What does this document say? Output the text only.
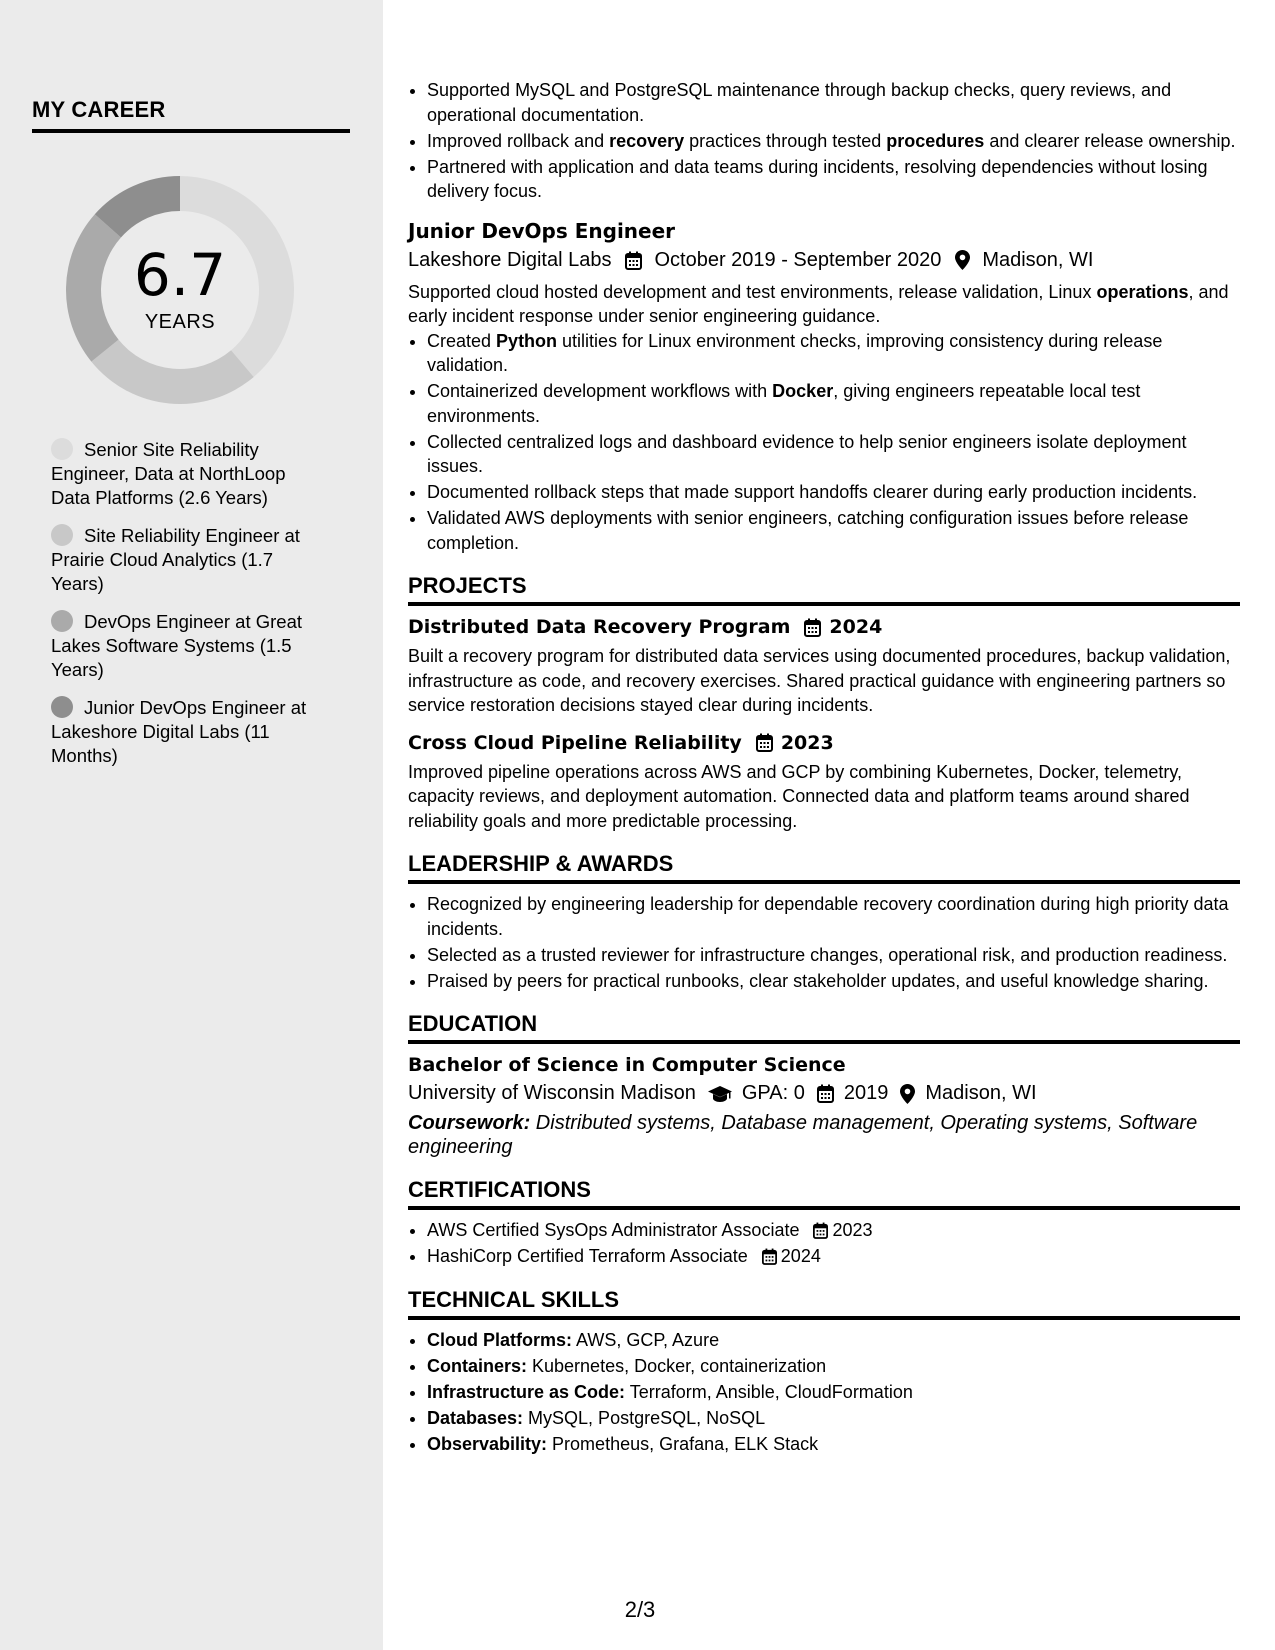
MY CAREER
6.7
YEARS
Senior Site Reliability Engineer, Data at NorthLoop Data Platforms (2.6 Years)
Site Reliability Engineer at Prairie Cloud Analytics (1.7 Years)
DevOps Engineer at Great Lakes Software Systems (1.5 Years)
Junior DevOps Engineer at Lakeshore Digital Labs (11 Months)
• Supported MySQL and PostgreSQL maintenance through backup checks, query reviews, and operational documentation.
• Improved rollback and recovery practices through tested procedures and clearer release ownership.
• Partnered with application and data teams during incidents, resolving dependencies without losing delivery focus.
Junior DevOps Engineer
Lakeshore Digital Labs October 2019 - September 2020 Madison, WI
Supported cloud hosted development and test environments, release validation, Linux operations, and early incident response under senior engineering guidance.
• Created Python utilities for Linux environment checks, improving consistency during release validation.
• Containerized development workflows with Docker, giving engineers repeatable local test environments.
• Collected centralized logs and dashboard evidence to help senior engineers isolate deployment issues.
• Documented rollback steps that made support handoffs clearer during early production incidents.
• Validated AWS deployments with senior engineers, catching configuration issues before release completion.
PROJECTS
Distributed Data Recovery Program 2024
Built a recovery program for distributed data services using documented procedures, backup validation, infrastructure as code, and recovery exercises. Shared practical guidance with engineering partners so service restoration decisions stayed clear during incidents.
Cross Cloud Pipeline Reliability 2023
Improved pipeline operations across AWS and GCP by combining Kubernetes, Docker, telemetry, capacity reviews, and deployment automation. Connected data and platform teams around shared reliability goals and more predictable processing.
LEADERSHIP & AWARDS
• Recognized by engineering leadership for dependable recovery coordination during high priority data incidents.
• Selected as a trusted reviewer for infrastructure changes, operational risk, and production readiness.
• Praised by peers for practical runbooks, clear stakeholder updates, and useful knowledge sharing.
EDUCATION
Bachelor of Science in Computer Science
University of Wisconsin Madison GPA: 0 2019 Madison, WI
Coursework: Distributed systems, Database management, Operating systems, Software engineering
CERTIFICATIONS
• AWS Certified SysOps Administrator Associate 2023
• HashiCorp Certified Terraform Associate 2024
TECHNICAL SKILLS
• Cloud Platforms: AWS, GCP, Azure
• Containers: Kubernetes, Docker, containerization
• Infrastructure as Code: Terraform, Ansible, CloudFormation
• Databases: MySQL, PostgreSQL, NoSQL
• Observability: Prometheus, Grafana, ELK Stack
2/3
